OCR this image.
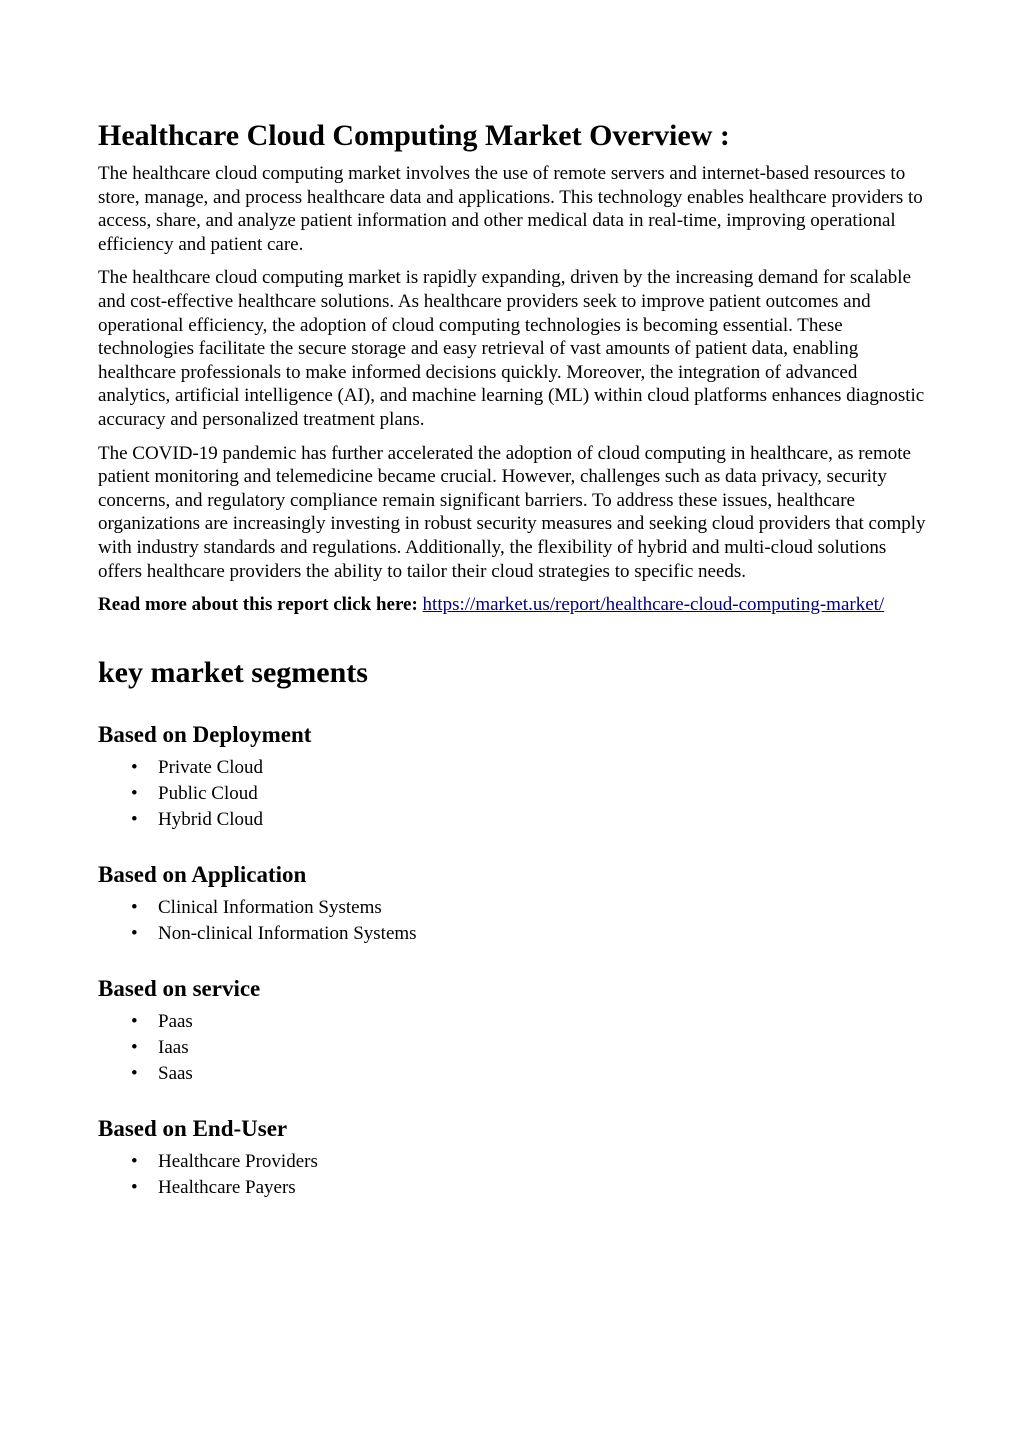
Healthcare Cloud Computing Market Overview :

The healthcare cloud computing market involves the use of remote servers and internet-based resources to store, manage, and process healthcare data and applications. This technology enables healthcare providers to access, share, and analyze patient information and other medical data in real-time, improving operational efficiency and patient care.

The healthcare cloud computing market is rapidly expanding, driven by the increasing demand for scalable and cost-effective healthcare solutions. As healthcare providers seek to improve patient outcomes and operational efficiency, the adoption of cloud computing technologies is becoming essential. These technologies facilitate the secure storage and easy retrieval of vast amounts of patient data, enabling healthcare professionals to make informed decisions quickly. Moreover, the integration of advanced analytics, artificial intelligence (AI), and machine learning (ML) within cloud platforms enhances diagnostic accuracy and personalized treatment plans.

The COVID-19 pandemic has further accelerated the adoption of cloud computing in healthcare, as remote patient monitoring and telemedicine became crucial. However, challenges such as data privacy, security concerns, and regulatory compliance remain significant barriers. To address these issues, healthcare organizations are increasingly investing in robust security measures and seeking cloud providers that comply with industry standards and regulations. Additionally, the flexibility of hybrid and multi-cloud solutions offers healthcare providers the ability to tailor their cloud strategies to specific needs.

Read more about this report click here: https://market.us/report/healthcare-cloud-computing-market/

key market segments
Based on Deployment
• Private Cloud
• Public Cloud
• Hybrid Cloud
Based on Application
• Clinical Information Systems
• Non-clinical Information Systems
Based on service
• Paas
• Iaas
• Saas
Based on End-User
• Healthcare Providers
• Healthcare Payers
